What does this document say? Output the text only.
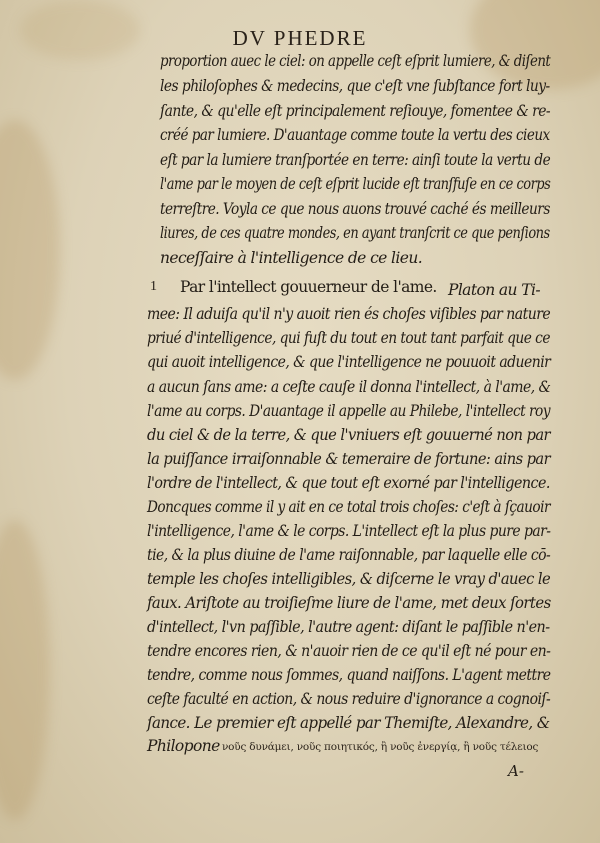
DV PHEDRE
proportion auec le ciel: on appelle ceſt eſprit lumiere, & diſent
les philoſophes & medecins, que c'eſt vne ſubſtance fort luy-
ſante, & qu'elle eſt principalement reſiouye, fomentee & re-
créé par lumiere. D'auantage comme toute la vertu des cieux
eſt par la lumiere tranſportée en terre: ainſi toute la vertu de
l'ame par le moyen de ceſt eſprit lucide eſt tranſfuſe en ce corps
terreſtre. Voyla ce que nous auons trouvé caché és meilleurs
liures, de ces quatre mondes, en ayant tranſcrit ce que penſions
neceſſaire à l'intelligence de ce lieu.
1 Par l'intellect gouuerneur de l'ame. Platon au Ti-
mee: Il aduiſa qu'il n'y auoit rien és choſes viſibles par nature
priué d'intelligence, qui fuſt du tout en tout tant parfait que ce
qui auoit intelligence, & que l'intelligence ne pouuoit aduenir
a aucun ſans ame: a ceſte cauſe il donna l'intellect, à l'ame, &
l'ame au corps. D'auantage il appelle au Philebe, l'intellect roy
du ciel & de la terre, & que l'vniuers eſt gouuerné non par
la puiſſance irraiſonnable & temeraire de fortune: ains par
l'ordre de l'intellect, & que tout eſt exorné par l'intelligence.
Doncques comme il y ait en ce total trois choſes: c'eſt à ſçauoir
l'intelligence, l'ame & le corps. L'intellect eſt la plus pure par-
tie, & la plus diuine de l'ame raiſonnable, par laquelle elle cō-
temple les choſes intelligibles, & diſcerne le vray d'auec le
faux. Ariſtote au troiſieſme liure de l'ame, met deux ſortes
d'intellect, l'vn paſſible, l'autre agent: diſant le paſſible n'en-
tendre encores rien, & n'auoir rien de ce qu'il eſt né pour en-
tendre, comme nous ſommes, quand naiſſons. L'agent mettre
ceſte faculté en action, & nous reduire d'ignorance a cognoiſ-
ſance. Le premier eſt appellé par Themiſte, Alexandre, &
Philopone νοῦς δυνάμει, νοῦς ποιητικός, ἢ νοῦς ἐνεργίᾳ, ἢ νοῦς τέλειος
A-
